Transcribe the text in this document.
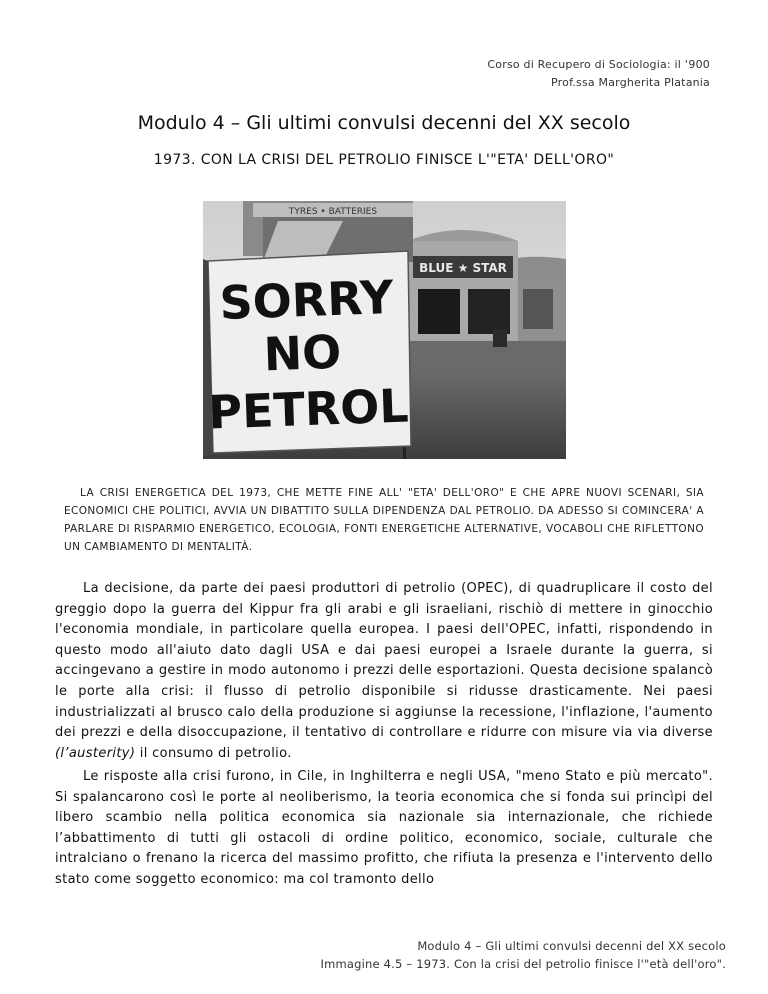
Corso di Recupero di Sociologia: il ‘900
Prof.ssa Margherita Platania
Modulo 4 – Gli ultimi convulsi decenni del XX secolo
1973. CON LA CRISI DEL PETROLIO FINISCE L'"ETA' DELL'ORO"
BLUE ★ STAR
TYRES • BATTERIES
SORRY
NO
PETROL
LA CRISI ENERGETICA DEL 1973, CHE METTE FINE ALL' "ETA' DELL'ORO" E CHE APRE NUOVI SCENARI, SIA ECONOMICI CHE POLITICI, AVVIA UN DIBATTITO SULLA DIPENDENZA DAL PETROLIO. DA ADESSO SI COMINCERA' A PARLARE DI RISPARMIO ENERGETICO, ECOLOGIA, FONTI ENERGETICHE ALTERNATIVE, VOCABOLI CHE RIFLETTONO UN CAMBIAMENTO DI MENTALITÀ.

La decisione, da parte dei paesi produttori di petrolio (OPEC), di quadruplicare il costo del greggio dopo la guerra del Kippur fra gli arabi e gli israeliani, rischiò di mettere in ginocchio l'economia mondiale, in particolare quella europea. I paesi dell'OPEC, infatti, rispondendo in questo modo all'aiuto dato dagli USA e dai paesi europei a Israele durante la guerra, si accingevano a gestire in modo autonomo i prezzi delle esportazioni. Questa decisione spalancò le porte alla crisi: il flusso di petrolio disponibile si ridusse drasticamente. Nei paesi industrializzati al brusco calo della produzione si aggiunse la recessione, l'inflazione, l'aumento dei prezzi e della disoccupazione, il tentativo di controllare e ridurre con misure via via diverse (l’austerity) il consumo di petrolio.

Le risposte alla crisi furono, in Cile, in Inghilterra e negli USA, "meno Stato e più mercato". Si spalancarono così le porte al neoliberismo, la teoria economica che si fonda sui princìpi del libero scambio nella politica economica sia nazionale sia internazionale, che richiede l’abbattimento di tutti gli ostacoli di ordine politico, economico, sociale, culturale che intralciano o frenano la ricerca del massimo profitto, che rifiuta la presenza e l'intervento dello stato come soggetto economico: ma col tramonto dello

Modulo 4 – Gli ultimi convulsi decenni del XX secolo
Immagine 4.5 – 1973. Con la crisi del petrolio finisce l'"età dell'oro".
